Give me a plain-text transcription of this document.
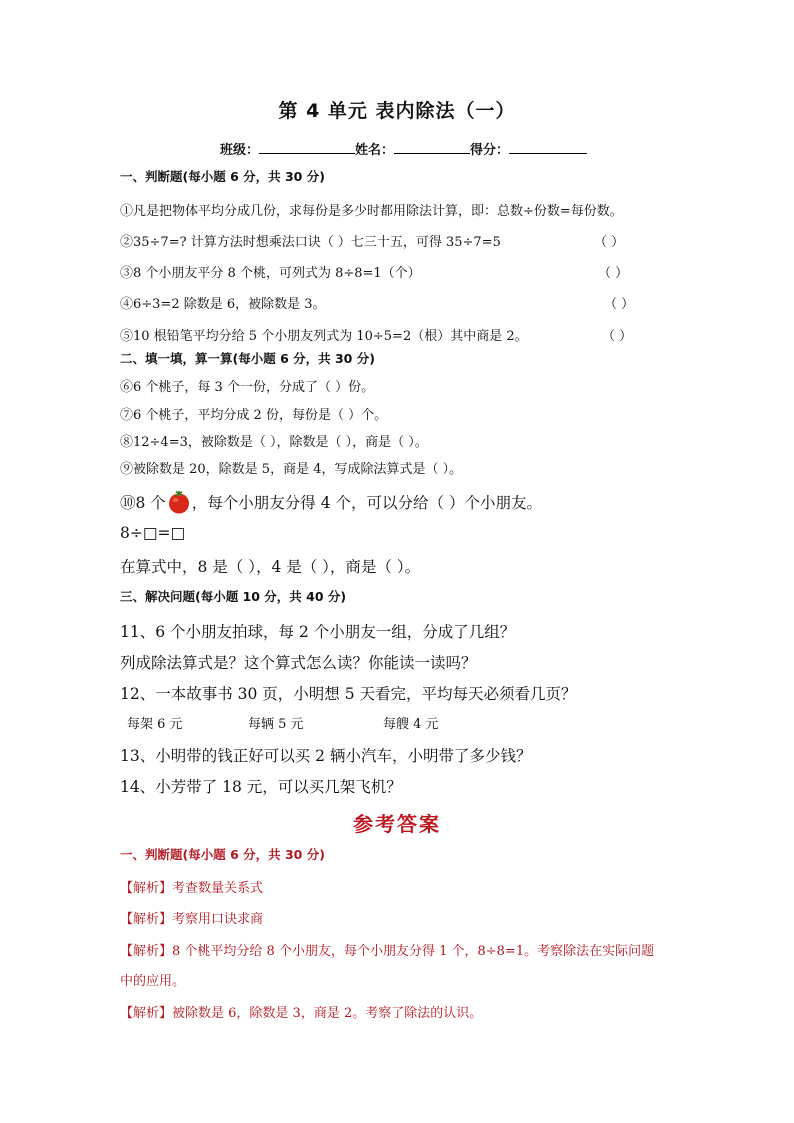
第 4 单元 表内除法（一）
班级：	姓名：	得分：
一、判断题(每小题 6 分，共 30 分)
①凡是把物体平均分成几份，求每份是多少时都用除法计算，即：总数÷份数=每份数。
②35÷7=? 计算方法时想乘法口诀（ ）七三十五，可得 35÷7=5	（ ）
③8 个小朋友平分 8 个桃，可列式为 8÷8=1（个）	（ ）
④6÷3=2 除数是 6，被除数是 3。	（ ）
⑤10 根铅笔平均分给 5 个小朋友列式为 10÷5=2（根）其中商是 2。	（ ）
二、填一填，算一算(每小题 6 分，共 30 分)
⑥6 个桃子，每 3 个一份，分成了（ ）份。
⑦6 个桃子，平均分成 2 份，每份是（ ）个。
⑧12÷4=3，被除数是（ ），除数是（ ），商是（ ）。
⑨被除数是 20，除数是 5，商是 4，写成除法算式是（ ）。
⑩8 个 ，每个小朋友分得 4 个，可以分给（ ）个小朋友。
8÷□=□
在算式中，8 是（ ），4 是（ ），商是（ ）。
三、解决问题(每小题 10 分，共 40 分)
11、6 个小朋友拍球，每 2 个小朋友一组，分成了几组？
列成除法算式是？这个算式怎么读？你能读一读吗？
12、一本故事书 30 页，小明想 5 天看完，平均每天必须看几页？
每架 6 元	每辆 5 元	每艘 4 元
13、小明带的钱正好可以买 2 辆小汽车，小明带了多少钱？
14、小芳带了 18 元，可以买几架飞机？
参考答案
一、判断题(每小题 6 分，共 30 分)
【解析】考查数量关系式
【解析】考察用口诀求商
【解析】8 个桃平均分给 8 个小朋友，每个小朋友分得 1 个，8÷8=1。考察除法在实际问题
中的应用。
【解析】被除数是 6，除数是 3，商是 2。考察了除法的认识。
